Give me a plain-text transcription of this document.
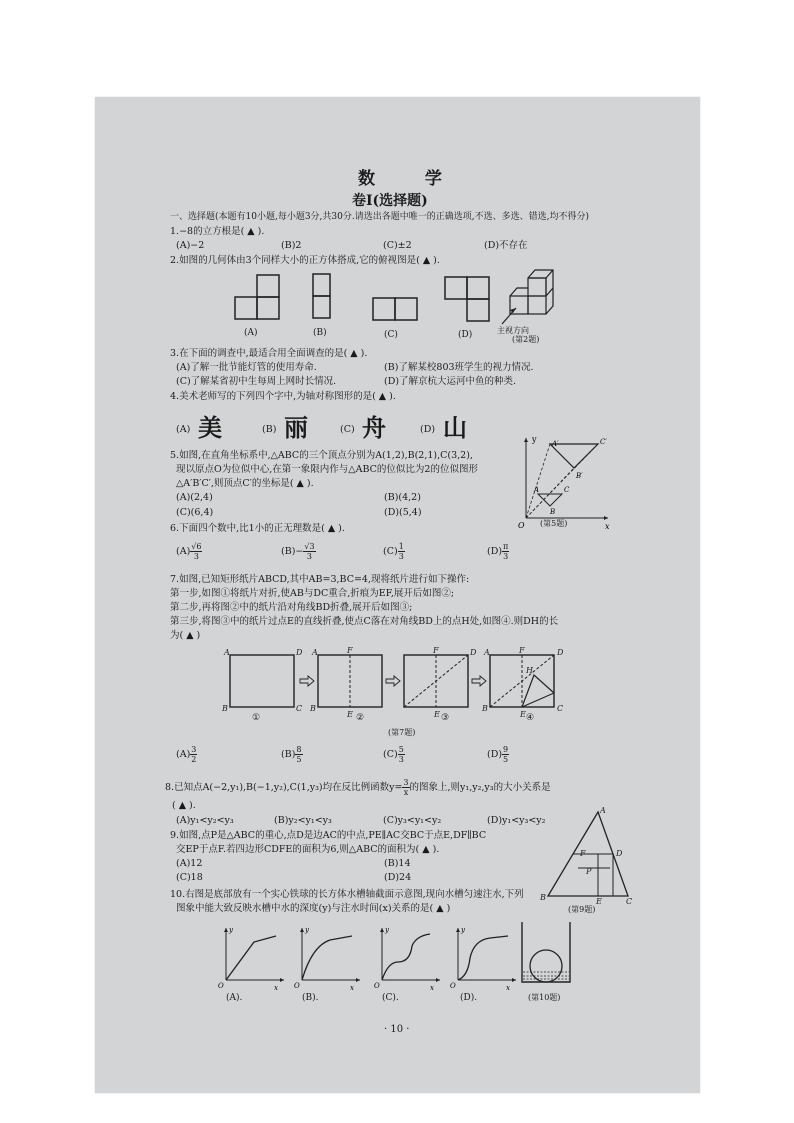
数 学
卷Ⅰ(选择题)
一、选择题(本题有10小题,每小题3分,共30分.请选出各题中唯一的正确选项,不选、多选、错选,均不得分)
1.−8的立方根是( ▲ ).
(A)−2	(B)2	(C)±2	(D)不存在
2.如图的几何体由3个同样大小的正方体搭成,它的俯视图是( ▲ ).
(A)	(B)	(C)	(D)	主视方向
(第2题)
3.在下面的调查中,最适合用全面调查的是( ▲ ).
(A)了解一批节能灯管的使用寿命.	(B)了解某校803班学生的视力情况.
(C)了解某省初中生每周上网时长情况.	(D)了解京杭大运河中鱼的种类.
4.美术老师写的下列四个字中,为轴对称图形的是( ▲ ).
(A) 美	丽	(C) 舟	(D) 山
(B)
5.如图,在直角坐标系中,△ABC的三个顶点分别为A(1,2),B(2,1),C(3,2),
现以原点O为位似中心,在第一象限内作与△ABC的位似比为2的位似图形
△A′B′C′,则顶点C′的坐标是( ▲ ).
(A)(2,4)	(B)(4,2)
(C)(6,4)	(D)(5,4)
y
x
O
A′	C′
A	C
B
B′
(第5题)
6.下面四个数中,比1小的正无理数是( ▲ ).
$(A) \frac{√6}{3}$	$(B)- \frac{√3}{3}$	$(C) \frac{1}{3}$	$(D) \frac{\pi}{3}$
7.如图,已知矩形纸片ABCD,其中AB=3,BC=4,现将纸片进行如下操作:
第一步,如图①将纸片对折,使AB与DC重合,折痕为EF,展开后如图②;
第二步,再将图②中的纸片沿对角线BD折叠,展开后如图③;
第三步,将图③中的纸片过点E的直线折叠,使点C落在对角线BD上的点H处,如图④.则DH的长
为( ▲ )
A	D
B	C
A	F
B
E
F	D
E
A	F	D
H
B
E
C
①	②	③	④
(第7题)
$(A) \frac{3}{2}$	$(B) \frac{8}{5}$	$(C) \frac{5}{3}$	$(D) \frac{9}{5}$
8.已知点A(−2,y₁),B(−1,y₂),C(1,y₃)均在反比例函数$y= \frac{3}{x}$ 的图象上,则y₁,y₂,y₃的大小关系是
( ▲ ).
(A)y₁<y₂<y₃	(B)y₂<y₁<y₃	(C)y₃<y₁<y₂	(D)y₁<y₃<y₂
9.如图,点P是△ABC的重心,点D是边AC的中点,PE∥AC交BC于点E,DF∥BC
交EP于点F.若四边形CDFE的面积为6,则△ABC的面积为( ▲ ).
(A)12	(B)14
(C)18	(D)24
A
B	C
D
F
P
E
(第9题)
10.右图是底部放有一个实心铁球的长方体水槽轴截面示意图,现向水槽匀速注水,下列
图象中能大致反映水槽中水的深度(y)与注水时间(x)关系的是( ▲ )
y
x
O
y
x
O
y
x
O
y
x
O
(A).	(B).	(C).	(D).	(第10题)
· 10 ·
